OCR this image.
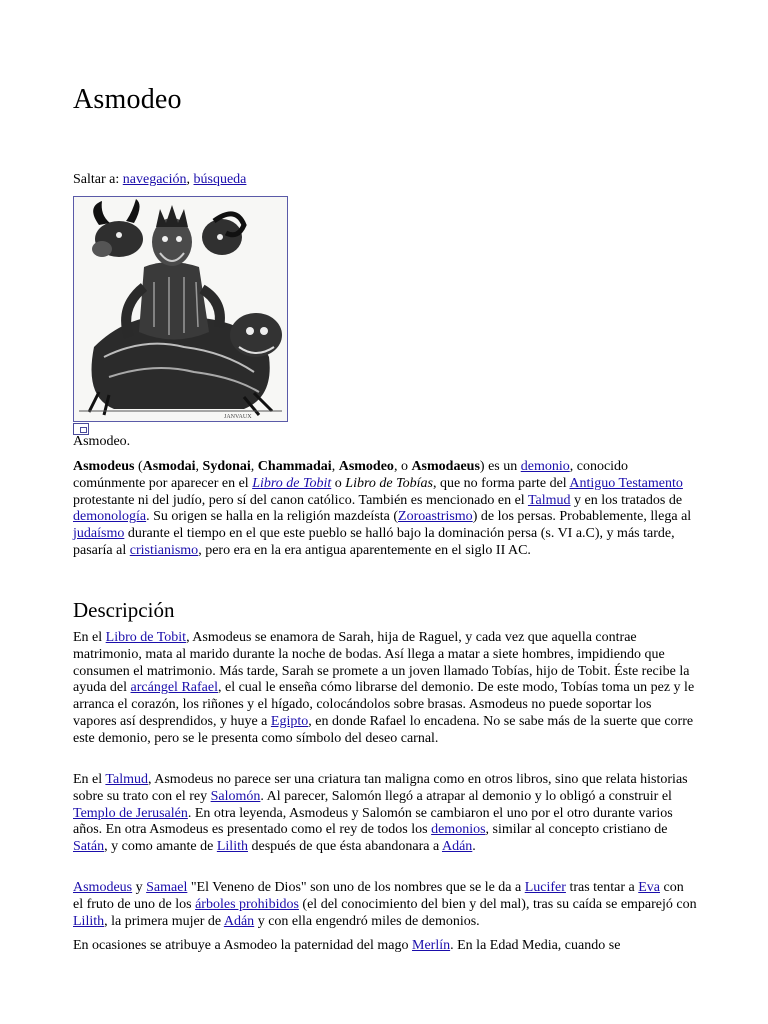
Asmodeo
Saltar a: navegación, búsqueda
JANVAUX
Asmodeo.

Asmodeus (Asmodai, Sydonai, Chammadai, Asmodeo, o Asmodaeus) es un demonio, conocido comúnmente por aparecer en el Libro de Tobit o Libro de Tobías, que no forma parte del Antiguo Testamento protestante ni del judío, pero sí del canon católico. También es mencionado en el Talmud y en los tratados de demonología. Su origen se halla en la religión mazdeísta (Zoroastrismo) de los persas. Probablemente, llega al judaísmo durante el tiempo en el que este pueblo se halló bajo la dominación persa (s. VI a.C), y más tarde, pasaría al cristianismo, pero era en la era antigua aparentemente en el siglo II AC.

Descripción

En el Libro de Tobit, Asmodeus se enamora de Sarah, hija de Raguel, y cada vez que aquella contrae matrimonio, mata al marido durante la noche de bodas. Así llega a matar a siete hombres, impidiendo que consumen el matrimonio. Más tarde, Sarah se promete a un joven llamado Tobías, hijo de Tobit. Éste recibe la ayuda del arcángel Rafael, el cual le enseña cómo librarse del demonio. De este modo, Tobías toma un pez y le arranca el corazón, los riñones y el hígado, colocándolos sobre brasas. Asmodeus no puede soportar los vapores así desprendidos, y huye a Egipto, en donde Rafael lo encadena. No se sabe más de la suerte que corre este demonio, pero se le presenta como símbolo del deseo carnal.

En el Talmud, Asmodeus no parece ser una criatura tan maligna como en otros libros, sino que relata historias sobre su trato con el rey Salomón. Al parecer, Salomón llegó a atrapar al demonio y lo obligó a construir el Templo de Jerusalén. En otra leyenda, Asmodeus y Salomón se cambiaron el uno por el otro durante varios años. En otra Asmodeus es presentado como el rey de todos los demonios, similar al concepto cristiano de Satán, y como amante de Lilith después de que ésta abandonara a Adán.

Asmodeus y Samael "El Veneno de Dios" son uno de los nombres que se le da a Lucifer tras tentar a Eva con el fruto de uno de los árboles prohibidos (el del conocimiento del bien y del mal), tras su caída se emparejó con Lilith, la primera mujer de Adán y con ella engendró miles de demonios.

En ocasiones se atribuye a Asmodeo la paternidad del mago Merlín. En la Edad Media, cuando se
